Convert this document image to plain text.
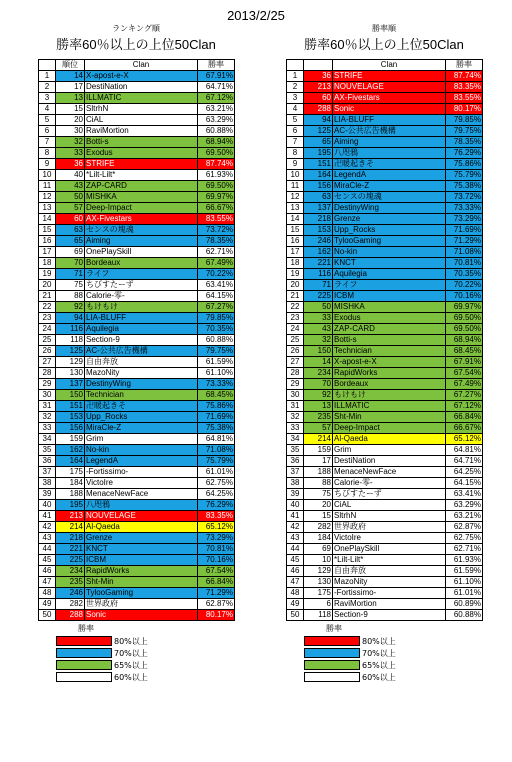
2013/2/25
ランキング順
勝率60％以上の上位50Clan
	順位	Clan	勝率
1	14	X-apost-e-X	67.91%
2	17	DestiNation	64.71%
3	13	ILLMATIC	67.12%
4	15	SltrhN	63.21%
5	20	CiAL	63.29%
6	30	RaviMortion	60.88%
7	32	Botti-s	68.94%
8	33	Exodus	69.50%
9	36	STRIFE	87.74%
10	40	*Lilt-Lilt*	61.93%
11	43	ZAP-CARD	69.50%
12	50	MISHKA	69.97%
13	57	Deep-Impact	66.67%
14	60	AX-Fivestars	83.55%
15	63	センスの塊魂	73.72%
16	65	Aiming	78.35%
17	69	OnePlaySkill	62.71%
18	70	Bordeaux	67.49%
19	71	ライフ	70.22%
20	75	ちびすたーず	63.41%
21	88	Calorie-零-	64.15%
22	92	もけもけ	67.27%
23	94	LIA-BLUFF	79.85%
24	116	Aquilegia	70.35%
25	118	Section-9	60.88%
26	125	AC-公共広告機構	79.75%
27	129	自由奔放	61.59%
28	130	MazoNity	61.10%
29	137	DestinyWing	73.33%
30	150	Technician	68.45%
31	151	卍暖起きそ	75.86%
32	153	Upp_Rocks	71.69%
33	156	MiraCle-Z	75.38%
34	159	Grim	64.81%
35	162	No-kin	71.08%
36	164	LegendA	75.79%
37	175	-Fortissimo-	61.01%
38	184	VictoIre	62.75%
39	188	MenaceNewFace	64.25%
40	195	八咫鴉	76.29%
41	213	NOUVELAGE	83.35%
42	214	Al-Qaeda	65.12%
43	218	Grenze	73.29%
44	221	KNCT	70.81%
45	225	ICBM	70.16%
46	234	RapidWorks	67.54%
47	235	Sht-Min	66.84%
48	246	TylooGaming	71.29%
49	282	世界政府	62.87%
50	288	Sonic	80.17%
勝率
80%以上
70%以上
65%以上
60%以上
勝率順
勝率60％以上の上位50Clan
		Clan	勝率
1	36	STRIFE	87.74%
2	213	NOUVELAGE	83.35%
3	60	AX-Fivestars	83.55%
4	288	Sonic	80.17%
5	94	LIA-BLUFF	79.85%
6	125	AC-公共広告機構	79.75%
7	65	Aiming	78.35%
8	195	八咫鴉	76.29%
9	151	卍暖起きそ	75.86%
10	164	LegendA	75.79%
11	156	MiraCle-Z	75.38%
12	63	センスの塊魂	73.72%
13	137	DestinyWing	73.33%
14	218	Grenze	73.29%
15	153	Upp_Rocks	71.69%
16	246	TylooGaming	71.29%
17	162	No-kin	71.08%
18	221	KNCT	70.81%
19	116	Aquilegia	70.35%
20	71	ライフ	70.22%
21	225	ICBM	70.16%
22	50	MISHKA	69.97%
23	33	Exodus	69.50%
24	43	ZAP-CARD	69.50%
25	32	Botti-s	68.94%
26	150	Technician	68.45%
27	14	X-apost-e-X	67.91%
28	234	RapidWorks	67.54%
29	70	Bordeaux	67.49%
30	92	もけもけ	67.27%
31	13	ILLMATIC	67.12%
32	235	Sht-Min	66.84%
33	57	Deep-Impact	66.67%
34	214	Al-Qaeda	65.12%
35	159	Grim	64.81%
36	17	DestiNation	64.71%
37	188	MenaceNewFace	64.25%
38	88	Calorie-零-	64.15%
39	75	ちびすたーず	63.41%
40	20	CiAL	63.29%
41	15	SltrhN	63.21%
42	282	世界政府	62.87%
43	184	VictoIre	62.75%
44	69	OnePlaySkill	62.71%
45	10	*Lilt-Lilt*	61.93%
46	129	自由奔放	61.59%
47	130	MazoNity	61.10%
48	175	-Fortissimo-	61.01%
49	6	RaviMortion	60.89%
50	118	Section-9	60.88%
勝率
80%以上
70%以上
65%以上
60%以上
